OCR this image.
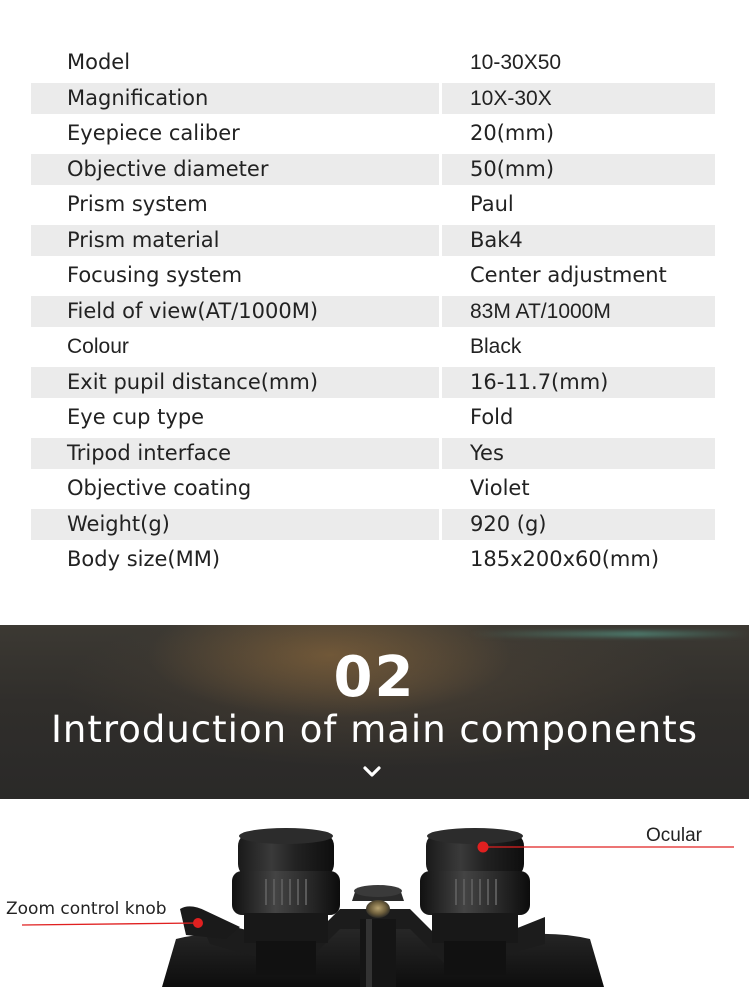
Model	10-30X50
Magnification	10X-30X
Eyepiece caliber	20(mm)
Objective diameter	50(mm)
Prism system	Paul
Prism material	Bak4
Focusing system	Center adjustment
Field of view(AT/1000M)	83M AT/1000M
Colour	Black
Exit pupil distance(mm)	16-11.7(mm)
Eye cup type	Fold
Tripod interface	Yes
Objective coating	Violet
Weight(g)	920 (g)
Body size(MM)	185x200x60(mm)
02
Introduction of main components
Ocular
Zoom control knob
